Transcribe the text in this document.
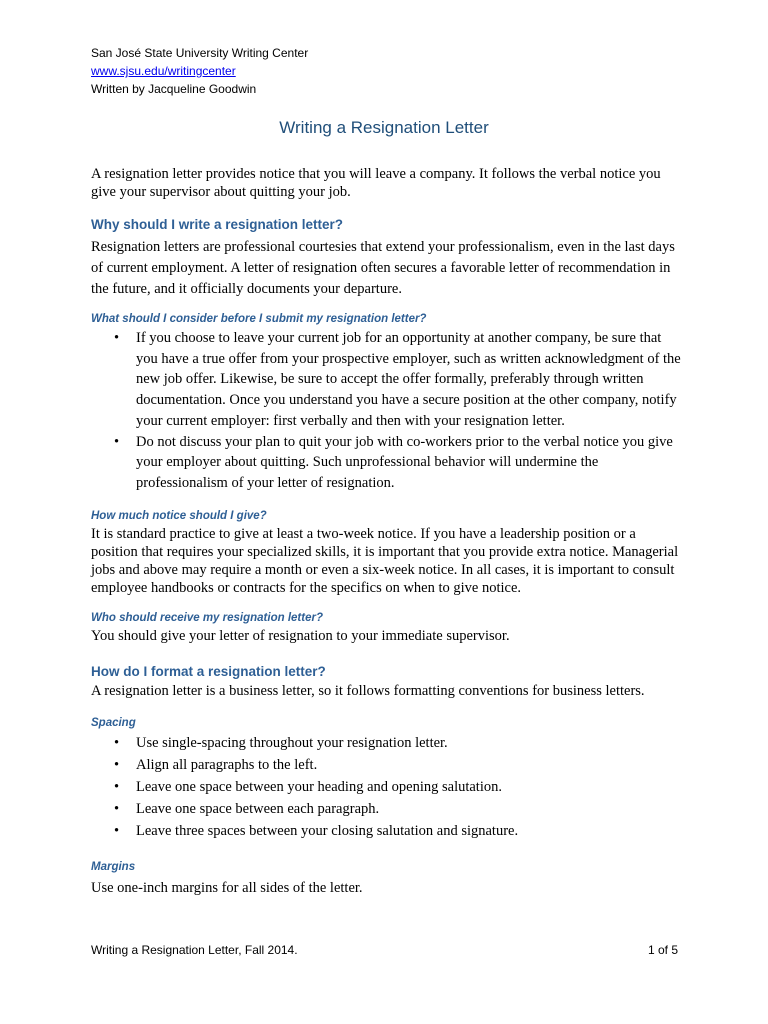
San José State University Writing Center
www.sjsu.edu/writingcenter
Written by Jacqueline Goodwin
Writing a Resignation Letter

A resignation letter provides notice that you will leave a company. It follows the verbal notice you give your supervisor about quitting your job.

Why should I write a resignation letter?

Resignation letters are professional courtesies that extend your professionalism, even in the last days of current employment. A letter of resignation often secures a favorable letter of recommendation in the future, and it officially documents your departure.

What should I consider before I submit my resignation letter?
• If you choose to leave your current job for an opportunity at another company, be sure that you have a true offer from your prospective employer, such as written acknowledgment of the new job offer. Likewise, be sure to accept the offer formally, preferably through written documentation. Once you understand you have a secure position at the other company, notify your current employer: first verbally and then with your resignation letter.
• Do not discuss your plan to quit your job with co-workers prior to the verbal notice you give your employer about quitting. Such unprofessional behavior will undermine the professionalism of your letter of resignation.
How much notice should I give?

It is standard practice to give at least a two-week notice. If you have a leadership position or a position that requires your specialized skills, it is important that you provide extra notice. Managerial jobs and above may require a month or even a six-week notice. In all cases, it is important to consult employee handbooks or contracts for the specifics on when to give notice.

Who should receive my resignation letter?

You should give your letter of resignation to your immediate supervisor.

How do I format a resignation letter?

A resignation letter is a business letter, so it follows formatting conventions for business letters.

Spacing
• Use single-spacing throughout your resignation letter.
• Align all paragraphs to the left.
• Leave one space between your heading and opening salutation.
• Leave one space between each paragraph.
• Leave three spaces between your closing salutation and signature.
Margins

Use one-inch margins for all sides of the letter.

Writing a Resignation Letter, Fall 2014.	1 of 5
